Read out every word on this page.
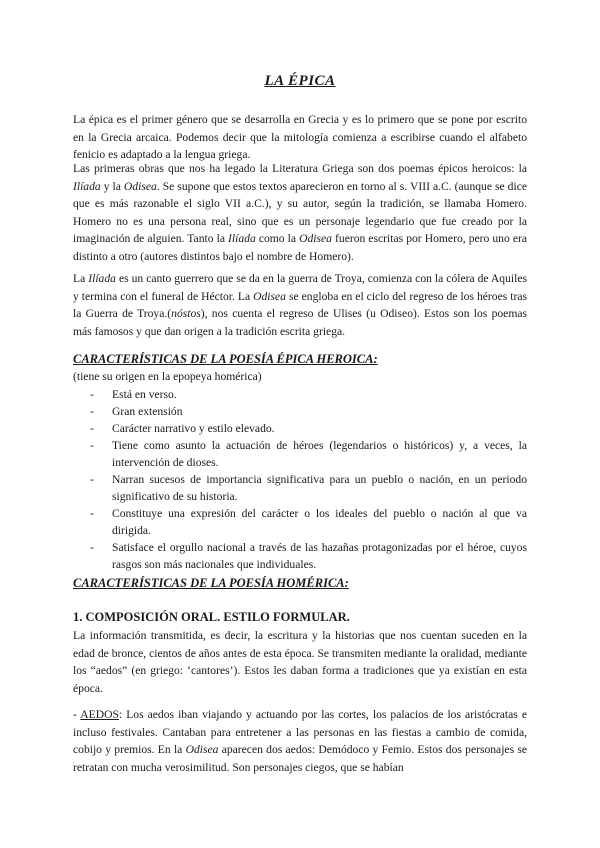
LA ÉPICA

La épica es el primer género que se desarrolla en Grecia y es lo primero que se pone por escrito en la Grecia arcaica. Podemos decir que la mitología comienza a escribirse cuando el alfabeto fenicio es adaptado a la lengua griega.

Las primeras obras que nos ha legado la Literatura Griega son dos poemas épicos heroicos: la Ilíada y la Odisea. Se supone que estos textos aparecieron en torno al s. VIII a.C. (aunque se dice que es más razonable el siglo VII a.C.), y su autor, según la tradición, se llamaba Homero. Homero no es una persona real, sino que es un personaje legendario que fue creado por la imaginación de alguien. Tanto la Ilíada como la Odisea fueron escritas por Homero, pero uno era distinto a otro (autores distintos bajo el nombre de Homero).

La Ilíada es un canto guerrero que se da en la guerra de Troya, comienza con la cólera de Aquiles y termina con el funeral de Héctor. La Odisea se engloba en el ciclo del regreso de los héroes tras la Guerra de Troya.(nóstos), nos cuenta el regreso de Ulises (u Odiseo). Estos son los poemas más famosos y que dan origen a la tradición escrita griega.

CARACTERÍSTICAS DE LA POESÍA ÉPICA HEROICA:

(tiene su origen en la epopeya homérica)

- Está en verso.
- Gran extensión
- Carácter narrativo y estilo elevado.
- Tiene como asunto la actuación de héroes (legendarios o históricos) y, a veces, la intervención de dioses.
- Narran sucesos de importancia significativa para un pueblo o nación, en un periodo significativo de su historia.
- Constituye una expresión del carácter o los ideales del pueblo o nación al que va dirigida.
- Satisface el orgullo nacional a través de las hazañas protagonizadas por el héroe, cuyos rasgos son más nacionales que individuales.

CARACTERÍSTICAS DE LA POESÍA HOMÉRICA:

1. COMPOSICIÓN ORAL. ESTILO FORMULAR.

La información transmitida, es decir, la escritura y la historias que nos cuentan suceden en la edad de bronce, cientos de años antes de esta época. Se transmiten mediante la oralidad, mediante los “aedos” (en griego: ‘cantores’). Estos les daban forma a tradiciones que ya existían en esta época.

- AEDOS: Los aedos iban viajando y actuando por las cortes, los palacios de los aristócratas e incluso festivales. Cantaban para entretener a las personas en las fiestas a cambio de comida, cobijo y premios. En la Odisea aparecen dos aedos: Demódoco y Femio. Estos dos personajes se retratan con mucha verosimilitud. Son personajes ciegos, que se habían
